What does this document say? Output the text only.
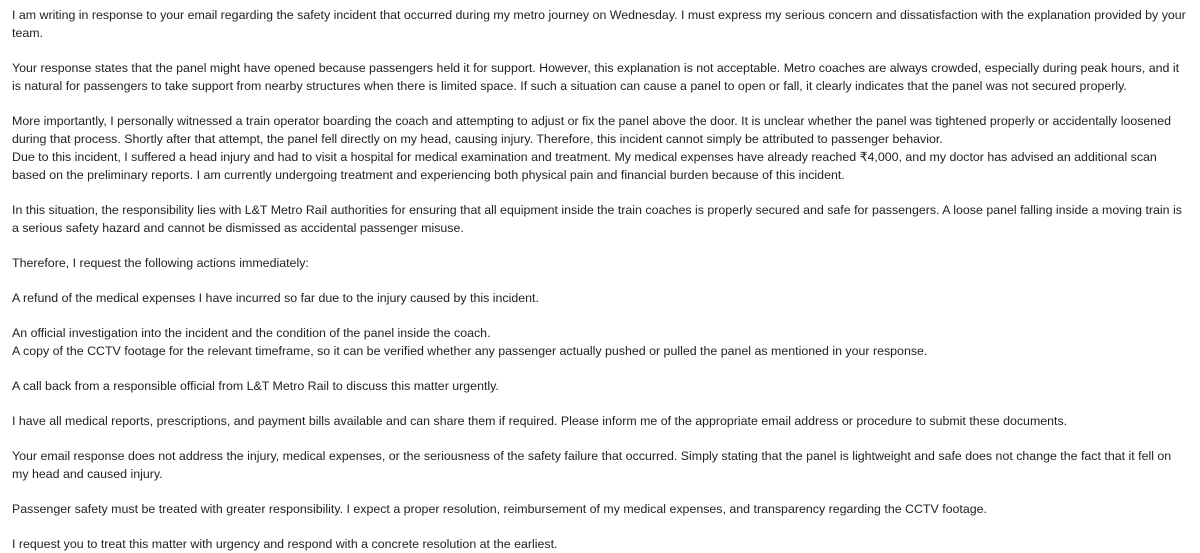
I am writing in response to your email regarding the safety incident that occurred during my metro journey on Wednesday. I must express my serious concern and dissatisfaction with the explanation provided by your team.
Your response states that the panel might have opened because passengers held it for support. However, this explanation is not acceptable. Metro coaches are always crowded, especially during peak hours, and it is natural for passengers to take support from nearby structures when there is limited space. If such a situation can cause a panel to open or fall, it clearly indicates that the panel was not secured properly.
More importantly, I personally witnessed a train operator boarding the coach and attempting to adjust or fix the panel above the door. It is unclear whether the panel was tightened properly or accidentally loosened during that process. Shortly after that attempt, the panel fell directly on my head, causing injury. Therefore, this incident cannot simply be attributed to passenger behavior.
Due to this incident, I suffered a head injury and had to visit a hospital for medical examination and treatment. My medical expenses have already reached ₹4,000, and my doctor has advised an additional scan based on the preliminary reports. I am currently undergoing treatment and experiencing both physical pain and financial burden because of this incident.
In this situation, the responsibility lies with L&T Metro Rail authorities for ensuring that all equipment inside the train coaches is properly secured and safe for passengers. A loose panel falling inside a moving train is a serious safety hazard and cannot be dismissed as accidental passenger misuse.
Therefore, I request the following actions immediately:
A refund of the medical expenses I have incurred so far due to the injury caused by this incident.
An official investigation into the incident and the condition of the panel inside the coach.
A copy of the CCTV footage for the relevant timeframe, so it can be verified whether any passenger actually pushed or pulled the panel as mentioned in your response.
A call back from a responsible official from L&T Metro Rail to discuss this matter urgently.
I have all medical reports, prescriptions, and payment bills available and can share them if required. Please inform me of the appropriate email address or procedure to submit these documents.
Your email response does not address the injury, medical expenses, or the seriousness of the safety failure that occurred. Simply stating that the panel is lightweight and safe does not change the fact that it fell on my head and caused injury.
Passenger safety must be treated with greater responsibility. I expect a proper resolution, reimbursement of my medical expenses, and transparency regarding the CCTV footage.
I request you to treat this matter with urgency and respond with a concrete resolution at the earliest.
